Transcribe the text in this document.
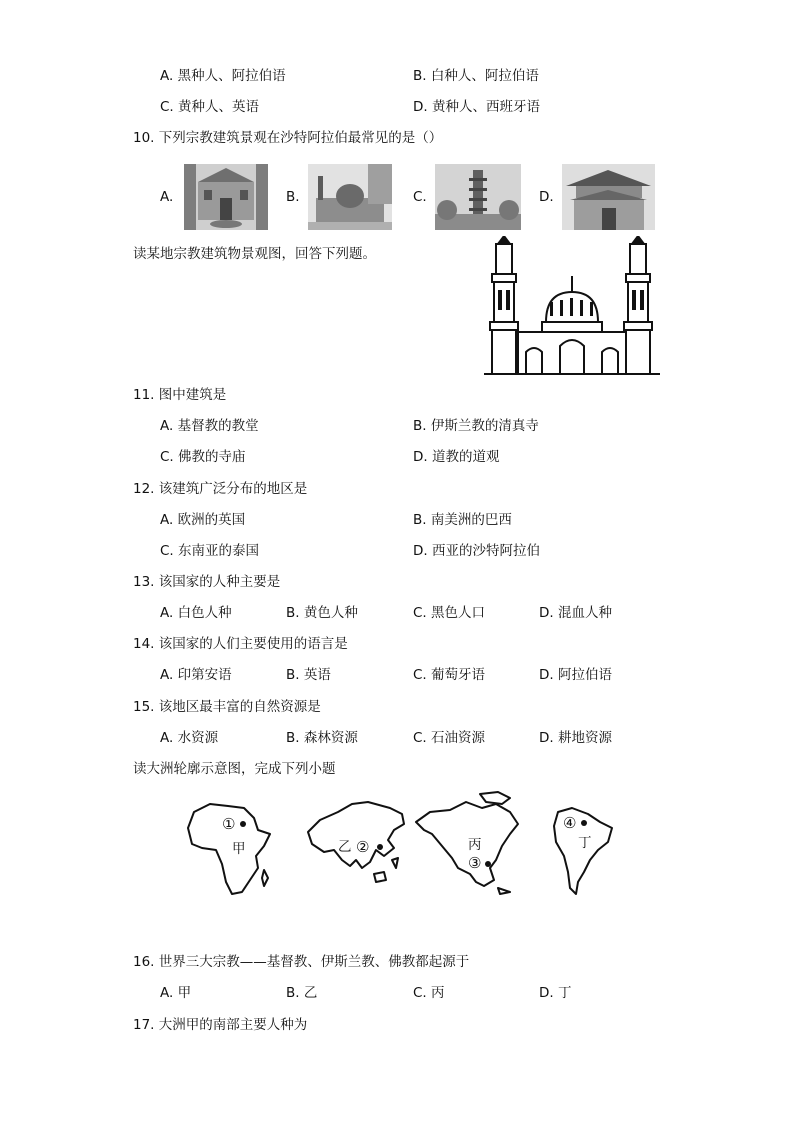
A. 黑种人、阿拉伯语	B. 白种人、阿拉伯语
C. 黄种人、英语	D. 黄种人、西班牙语
10. 下列宗教建筑景观在沙特阿拉伯最常见的是（）
A.	B.	C.	D.
读某地宗教建筑物景观图，回答下列题。
11. 图中建筑是
A. 基督教的教堂	B. 伊斯兰教的清真寺
C. 佛教的寺庙	D. 道教的道观
12. 该建筑广泛分布的地区是
A. 欧洲的英国	B. 南美洲的巴西
C. 东南亚的泰国	D. 西亚的沙特阿拉伯
13. 该国家的人种主要是
A. 白色人种	B. 黄色人种	C. 黑色人口	D. 混血人种
14. 该国家的人们主要使用的语言是
A. 印第安语	B. 英语	C. 葡萄牙语	D. 阿拉伯语
15. 该地区最丰富的自然资源是
A. 水资源	B. 森林资源	C. 石油资源	D. 耕地资源
读大洲轮廓示意图，完成下列小题
①
甲	乙 ②	丙
③
④
丁
16. 世界三大宗教——基督教、伊斯兰教、佛教都起源于
A. 甲	B. 乙	C. 丙	D. 丁
17. 大洲甲的南部主要人种为
